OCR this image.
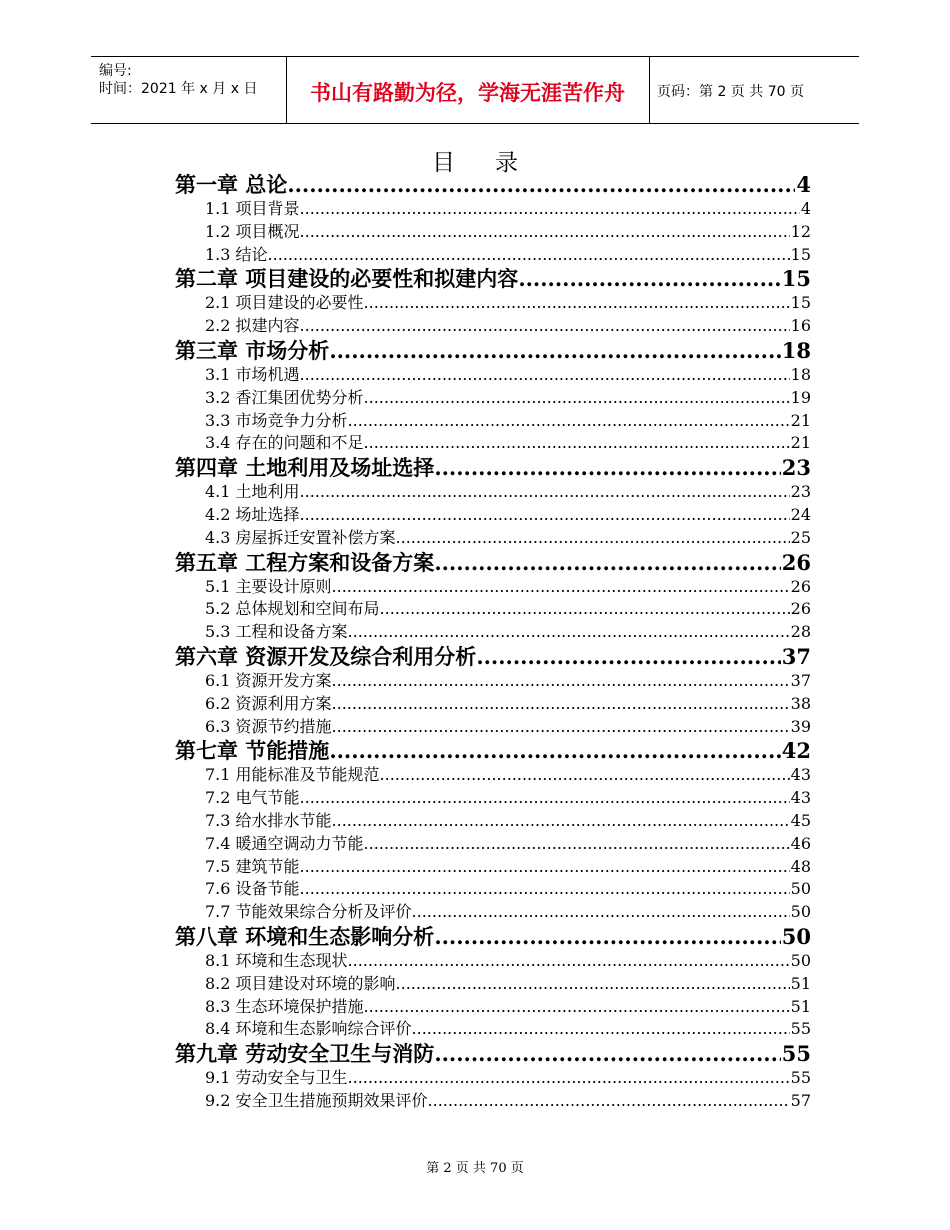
编号:
时间：2021 年 x 月 x 日	书山有路勤为径，学海无涯苦作舟	页码：第 2 页 共 70 页
目录
第一章 总论 .....	4
1.1 项目背景 .....	4
1.2 项目概况 .....	12
1.3 结论 .....	15
第二章 项目建设的必要性和拟建内容 .....	15
2.1 项目建设的必要性 .....	15
2.2 拟建内容 .....	16
第三章 市场分析 .....	18
3.1 市场机遇 .....	18
3.2 香江集团优势分析 .....	19
3.3 市场竞争力分析 .....	21
3.4 存在的问题和不足 .....	21
第四章 土地利用及场址选择 .....	23
4.1 土地利用 .....	23
4.2 场址选择 .....	24
4.3 房屋拆迁安置补偿方案 .....	25
第五章 工程方案和设备方案 .....	26
5.1 主要设计原则 .....	26
5.2 总体规划和空间布局 .....	26
5.3 工程和设备方案 .....	28
第六章 资源开发及综合利用分析 .....	37
6.1 资源开发方案 .....	37
6.2 资源利用方案 .....	38
6.3 资源节约措施 .....	39
第七章 节能措施 .....	42
7.1 用能标准及节能规范 .....	43
7.2 电气节能 .....	43
7.3 给水排水节能 .....	45
7.4 暖通空调动力节能 .....	46
7.5 建筑节能 .....	48
7.6 设备节能 .....	50
7.7 节能效果综合分析及评价 .....	50
第八章 环境和生态影响分析 .....	50
8.1 环境和生态现状 .....	50
8.2 项目建设对环境的影响 .....	51
8.3 生态环境保护措施 .....	51
8.4 环境和生态影响综合评价 .....	55
第九章 劳动安全卫生与消防 .....	55
9.1 劳动安全与卫生 .....	55
9.2 安全卫生措施预期效果评价 .....	57
第 2 页 共 70 页
